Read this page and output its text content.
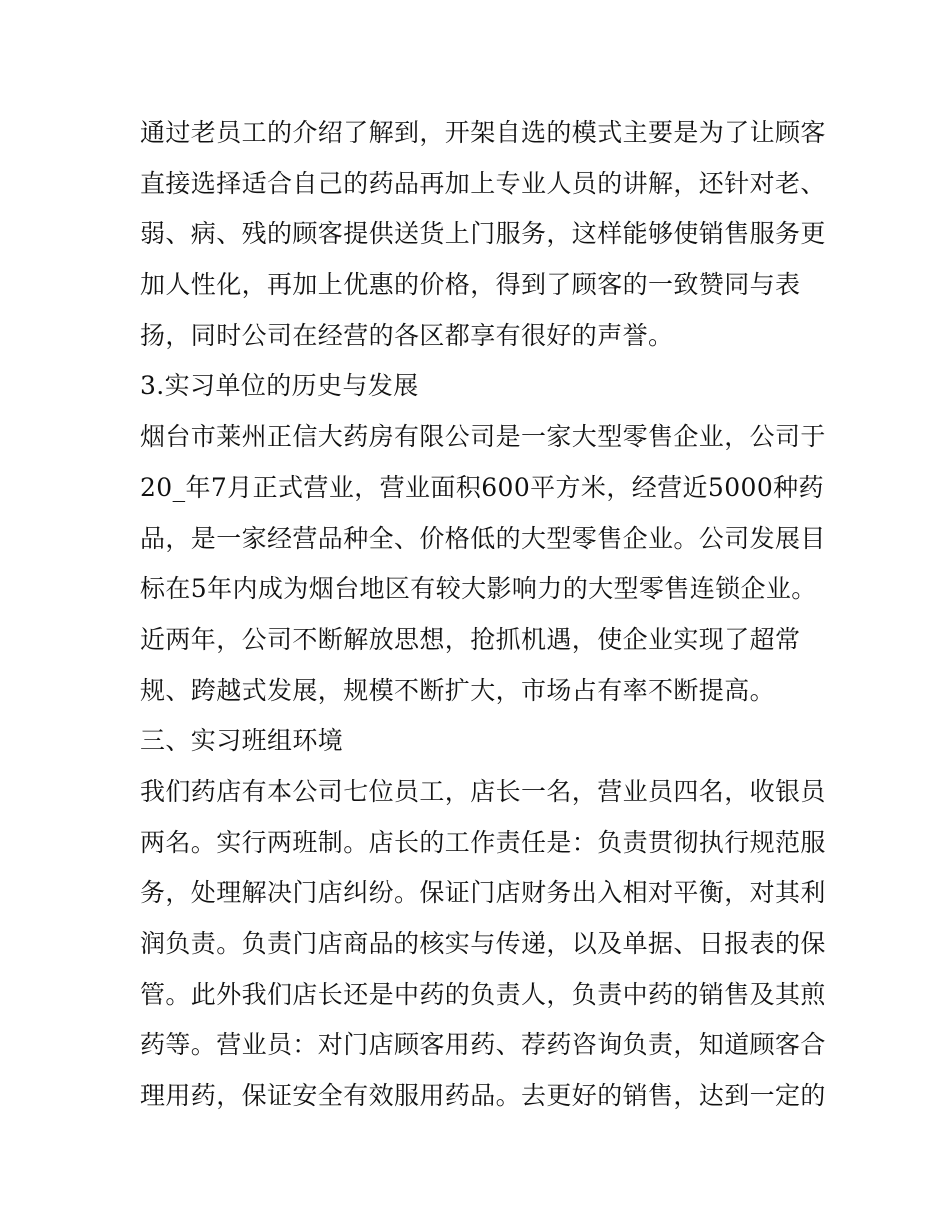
通过老员工的介绍了解到，开架自选的模式主要是为了让顾客
直接选择适合自己的药品再加上专业人员的讲解，还针对老、
弱、病、残的顾客提供送货上门服务，这样能够使销售服务更
加人性化，再加上优惠的价格，得到了顾客的一致赞同与表
扬，同时公司在经营的各区都享有很好的声誉。
3.实习单位的历史与发展
烟台市莱州正信大药房有限公司是一家大型零售企业，公司于
20_年7月正式营业，营业面积600平方米，经营近5000种药
品，是一家经营品种全、价格低的大型零售企业。公司发展目
标在5年内成为烟台地区有较大影响力的大型零售连锁企业。
近两年，公司不断解放思想，抢抓机遇，使企业实现了超常
规、跨越式发展，规模不断扩大，市场占有率不断提高。
三、实习班组环境
我们药店有本公司七位员工，店长一名，营业员四名，收银员
两名。实行两班制。店长的工作责任是：负责贯彻执行规范服
务，处理解决门店纠纷。保证门店财务出入相对平衡，对其利
润负责。负责门店商品的核实与传递，以及单据、日报表的保
管。此外我们店长还是中药的负责人，负责中药的销售及其煎
药等。营业员：对门店顾客用药、荐药咨询负责，知道顾客合
理用药，保证安全有效服用药品。去更好的销售，达到一定的
